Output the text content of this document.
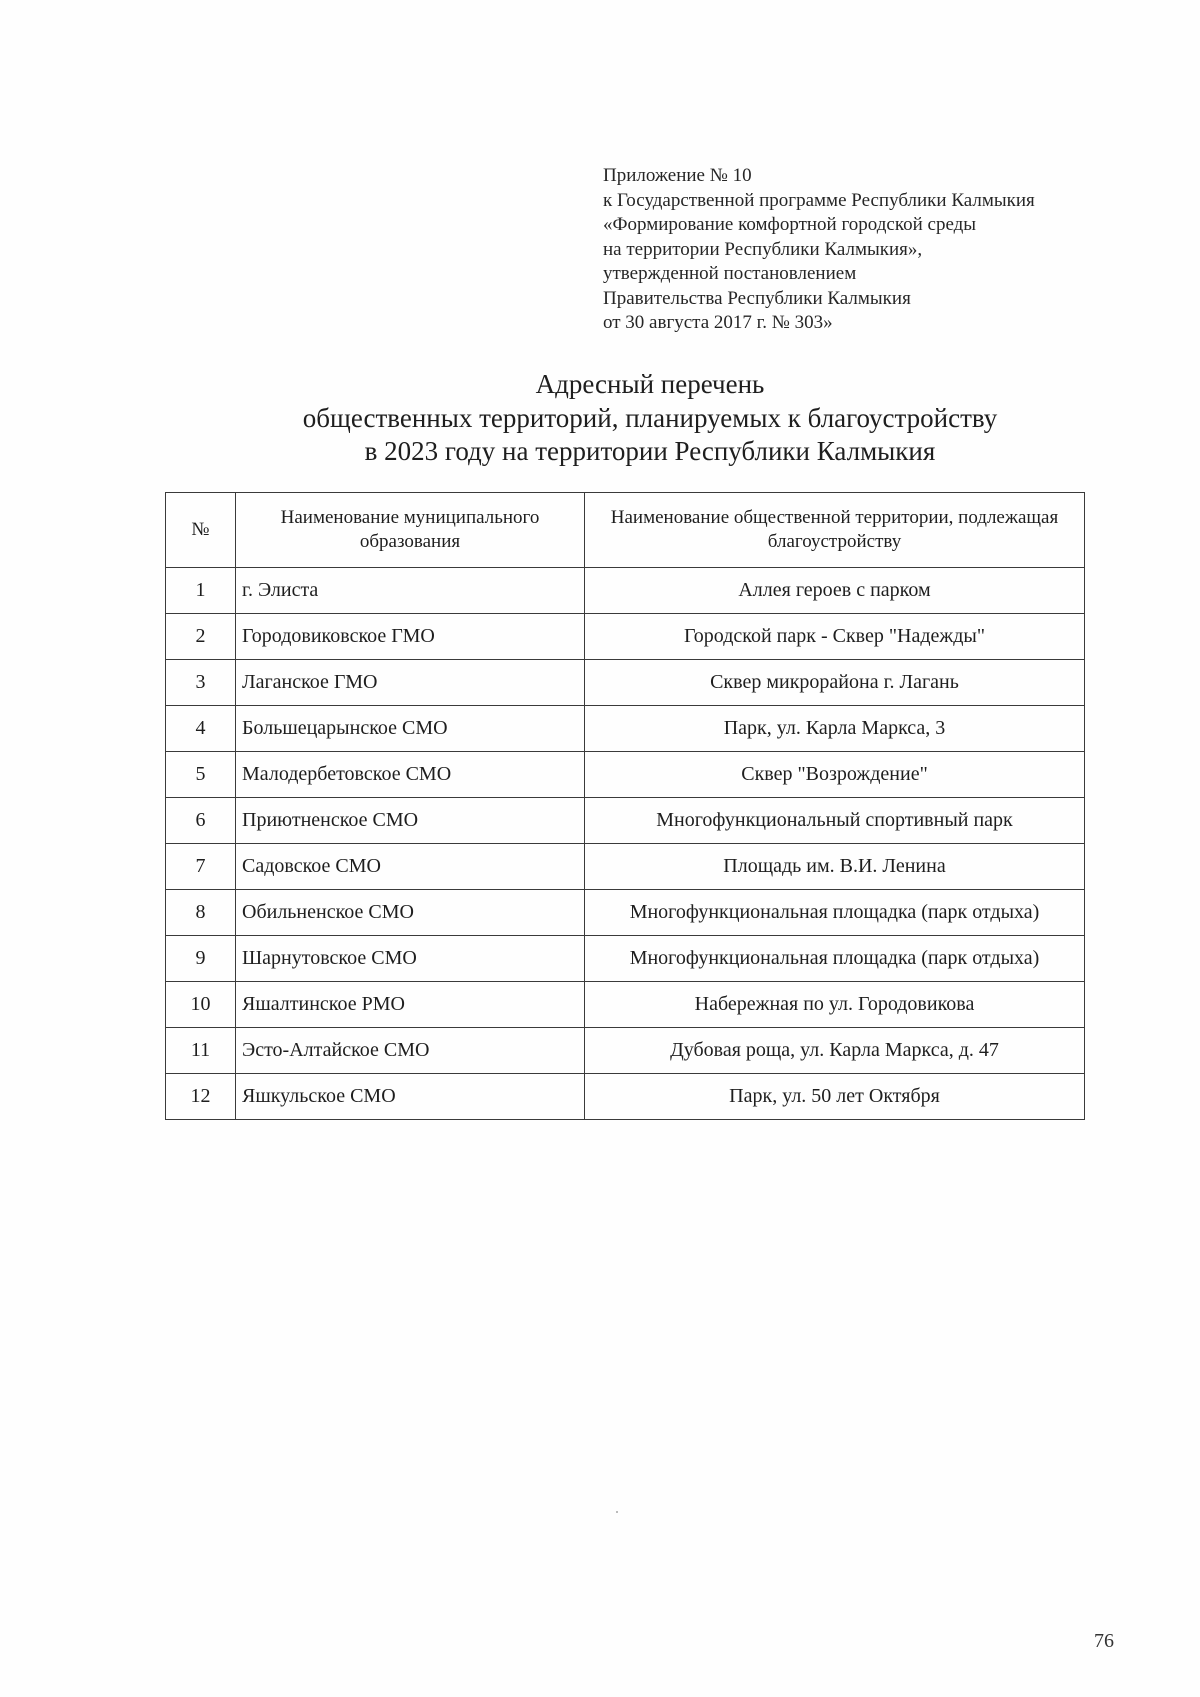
Приложение № 10
к Государственной программе Республики Калмыкия
«Формирование комфортной городской среды
на территории Республики Калмыкия»,
утвержденной постановлением
Правительства Республики Калмыкия
от 30 августа 2017 г. № 303»
Адресный перечень
общественных территорий, планируемых к благоустройству
в 2023 году на территории Республики Калмыкия
№	Наименование муниципального образования	Наименование общественной территории, подлежащая благоустройству
1	г. Элиста	Аллея героев с парком
2	Городовиковское ГМО	Городской парк - Сквер "Надежды"
3	Лаганское ГМО	Сквер микрорайона г. Лагань
4	Большецарынское СМО	Парк, ул. Карла Маркса, 3
5	Малодербетовское СМО	Сквер "Возрождение"
6	Приютненское СМО	Многофункциональный спортивный парк
7	Садовское СМО	Площадь им. В.И. Ленина
8	Обильненское СМО	Многофункциональная площадка (парк отдыха)
9	Шарнутовское СМО	Многофункциональная площадка (парк отдыха)
10	Яшалтинское РМО	Набережная по ул. Городовикова
11	Эсто-Алтайское СМО	Дубовая роща, ул. Карла Маркса, д. 47
12	Яшкульское СМО	Парк, ул. 50 лет Октября
76
